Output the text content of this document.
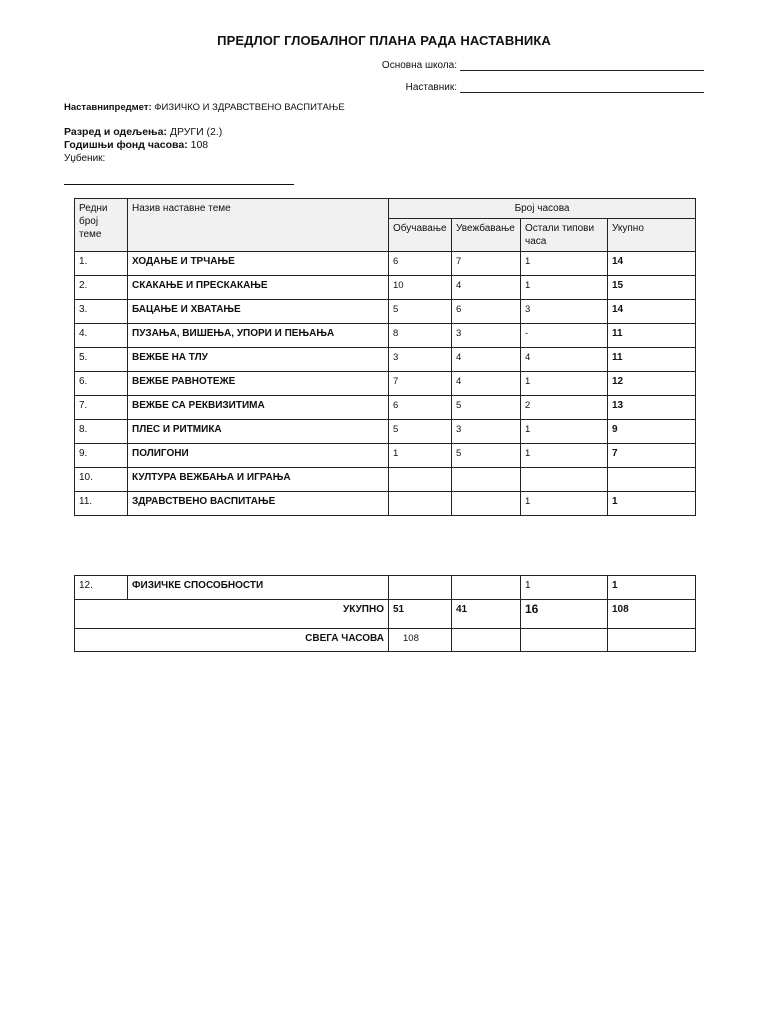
ПРЕДЛОГ ГЛОБАЛНОГ ПЛАНА РАДА НАСТАВНИКА
Основна школа:
Наставник:
Наставнипредмет: ФИЗИЧКО И ЗДРАВСТВЕНО ВАСПИТАЊЕ
Разред и одељења: ДРУГИ (2.)
Годишњи фонд часова: 108
Уџбеник:
Редни број теме	Назив наставне теме	Број часова			
		Обучавање	Увежбавање	Остали типови часа	Укупно
1.	ХОДАЊЕ И ТРЧАЊЕ	6	7	1	14
2.	СКАКАЊЕ И ПРЕСКАКАЊЕ	10	4	1	15
3.	БАЦАЊЕ И ХВАТАЊЕ	5	6	3	14
4.	ПУЗАЊА, ВИШЕЊА, УПОРИ И ПЕЊАЊА	8	3	-	11
5.	ВЕЖБЕ НА ТЛУ	3	4	4	11
6.	ВЕЖБЕ РАВНОТЕЖЕ	7	4	1	12
7.	ВЕЖБЕ СА РЕКВИЗИТИМА	6	5	2	13
8.	ПЛЕС И РИТМИКА	5	3	1	9
9.	ПОЛИГОНИ	1	5	1	7
10.	КУЛТУРА ВЕЖБАЊА И ИГРАЊА				
11.	ЗДРАВСТВЕНО ВАСПИТАЊЕ			1	1
12.	ФИЗИЧКЕ СПОСОБНОСТИ			1	1
УКУПНО		51	41	16	108
СВЕГА ЧАСОВА		108			
